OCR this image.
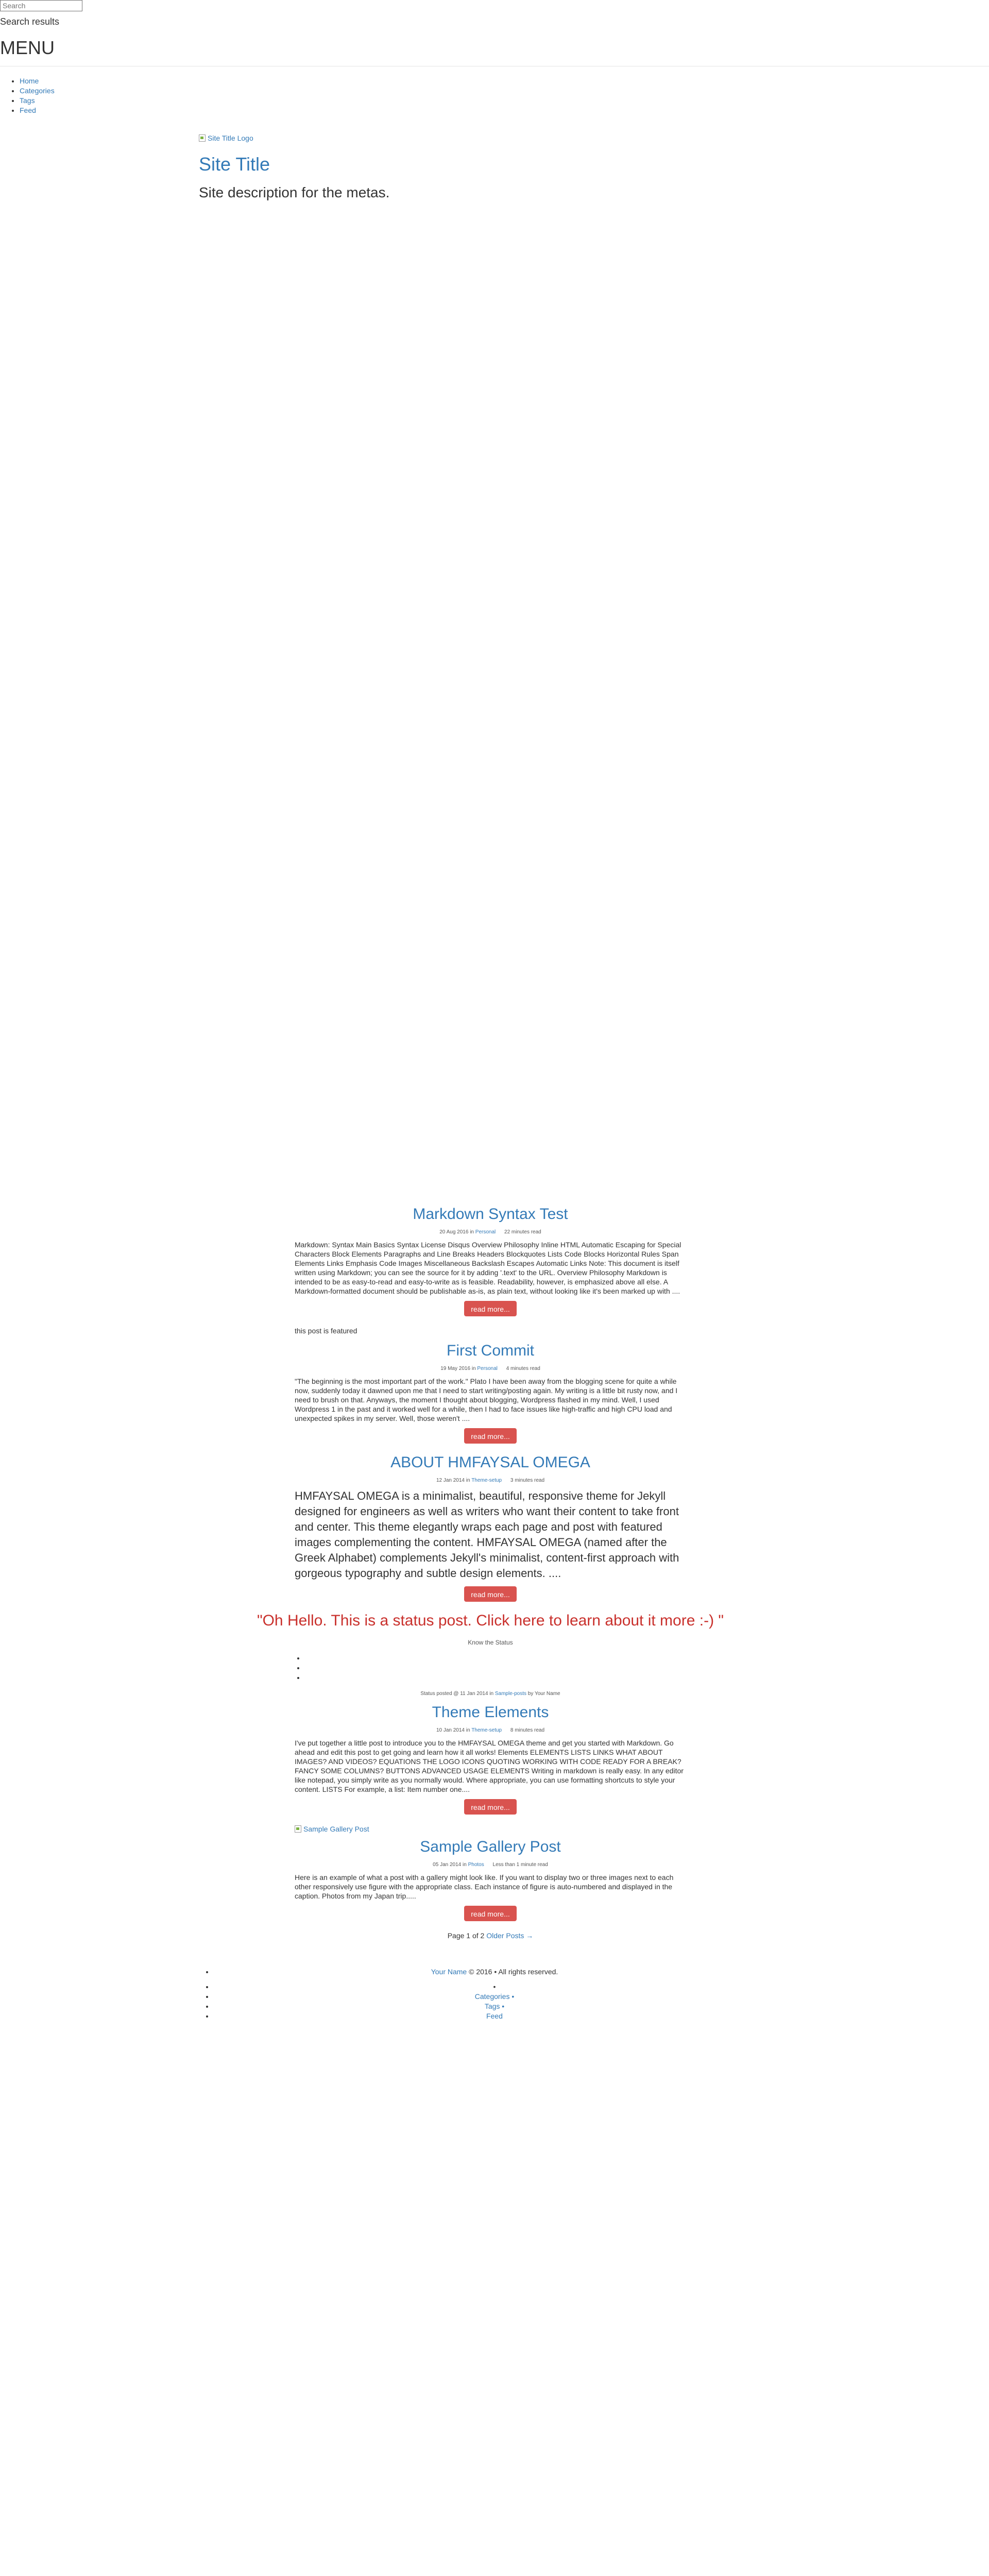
Search
Search results
MENU
• Home
• Categories
• Tags
• Feed
Site Title Logo
Site Title
Site description for the metas.
Markdown Syntax Test
20 Aug 2016 in Personal 22 minutes read

Markdown: Syntax Main Basics Syntax License Disqus Overview Philosophy Inline HTML Automatic Escaping for Special Characters Block Elements Paragraphs and Line Breaks Headers Blockquotes Lists Code Blocks Horizontal Rules Span Elements Links Emphasis Code Images Miscellaneous Backslash Escapes Automatic Links Note: This document is itself written using Markdown; you can see the source for it by adding '.text' to the URL. Overview Philosophy Markdown is intended to be as easy-to-read and easy-to-write as is feasible. Readability, however, is emphasized above all else. A Markdown-formatted document should be publishable as-is, as plain text, without looking like it's been marked up with ....

read more...
this post is featured
First Commit
19 May 2016 in Personal 4 minutes read

"The beginning is the most important part of the work." Plato I have been away from the blogging scene for quite a while now, suddenly today it dawned upon me that I need to start writing/posting again. My writing is a little bit rusty now, and I need to brush on that. Anyways, the moment I thought about blogging, Wordpress flashed in my mind. Well, I used Wordpress 1 in the past and it worked well for a while, then I had to face issues like high-traffic and high CPU load and unexpected spikes in my server. Well, those weren't ....

read more...
ABOUT HMFAYSAL OMEGA
12 Jan 2014 in Theme-setup 3 minutes read

HMFAYSAL OMEGA is a minimalist, beautiful, responsive theme for Jekyll designed for engineers as well as writers who want their content to take front and center. This theme elegantly wraps each page and post with featured images complementing the content. HMFAYSAL OMEGA (named after the Greek Alphabet) complements Jekyll's minimalist, content-first approach with gorgeous typography and subtle design elements. ....

read more...
"Oh Hello. This is a status post. Click here to learn about it more :-) "
Know the Status
•
•
•
Status posted @ 11 Jan 2014 in Sample-posts by Your Name
Theme Elements
10 Jan 2014 in Theme-setup 8 minutes read

I've put together a little post to introduce you to the HMFAYSAL OMEGA theme and get you started with Markdown. Go ahead and edit this post to get going and learn how it all works! Elements ELEMENTS LISTS LINKS WHAT ABOUT IMAGES? AND VIDEOS? EQUATIONS THE LOGO ICONS QUOTING WORKING WITH CODE READY FOR A BREAK? FANCY SOME COLUMNS? BUTTONS ADVANCED USAGE ELEMENTS Writing in markdown is really easy. In any editor like notepad, you simply write as you normally would. Where appropriate, you can use formatting shortcuts to style your content. LISTS For example, a list: Item number one....

read more...
Sample Gallery Post
Sample Gallery Post
05 Jan 2014 in Photos Less than 1 minute read

Here is an example of what a post with a gallery might look like. If you want to display two or three images next to each other responsively use figure with the appropriate class. Each instance of figure is auto-numbered and displayed in the caption. Photos from my Japan trip.....

read more...
Page 1 of 2 Older Posts →
• Your Name © 2016 • All rights reserved.
• •
• Categories •
• Tags •
• Feed
